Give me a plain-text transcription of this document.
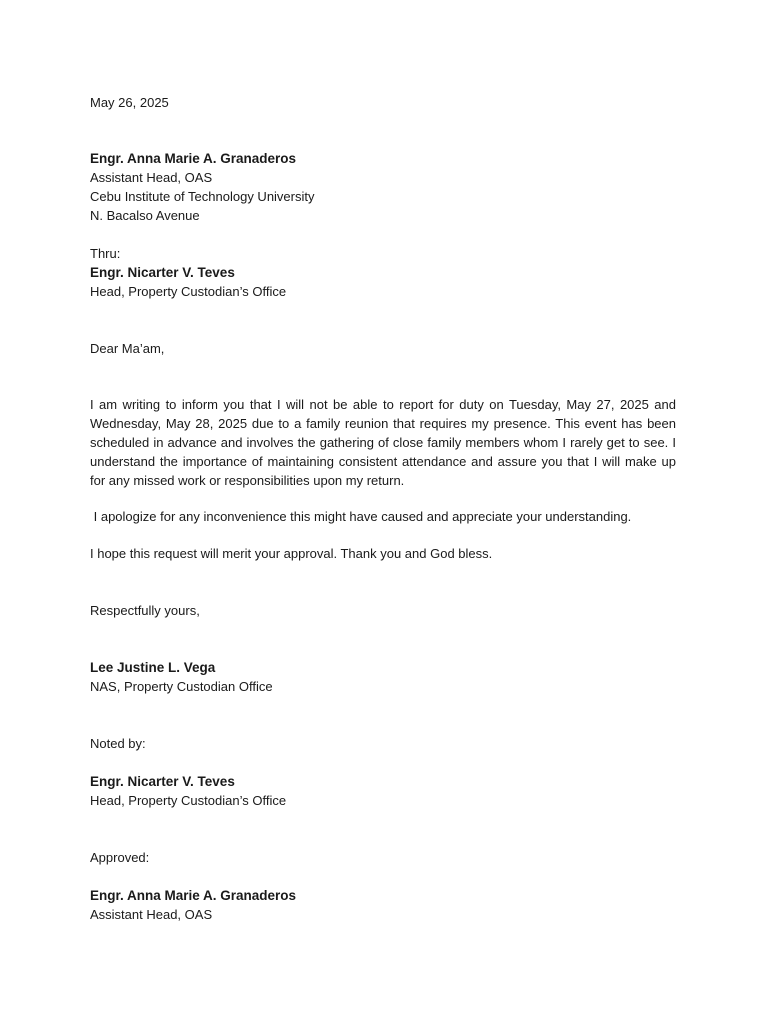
May 26, 2025

Engr. Anna Marie A. Granaderos

Assistant Head, OAS

Cebu Institute of Technology University

N. Bacalso Avenue

Thru:

Engr. Nicarter V. Teves

Head, Property Custodian’s Office

Dear Ma’am,

I am writing to inform you that I will not be able to report for duty on Tuesday, May 27, 2025 and Wednesday, May 28, 2025 due to a family reunion that requires my presence. This event has been scheduled in advance and involves the gathering of close family members whom I rarely get to see. I understand the importance of maintaining consistent attendance and assure you that I will make up for any missed work or responsibilities upon my return.

I apologize for any inconvenience this might have caused and appreciate your understanding.

I hope this request will merit your approval. Thank you and God bless.

Respectfully yours,

Lee Justine L. Vega

NAS, Property Custodian Office

Noted by:

Engr. Nicarter V. Teves

Head, Property Custodian’s Office

Approved:

Engr. Anna Marie A. Granaderos

Assistant Head, OAS
